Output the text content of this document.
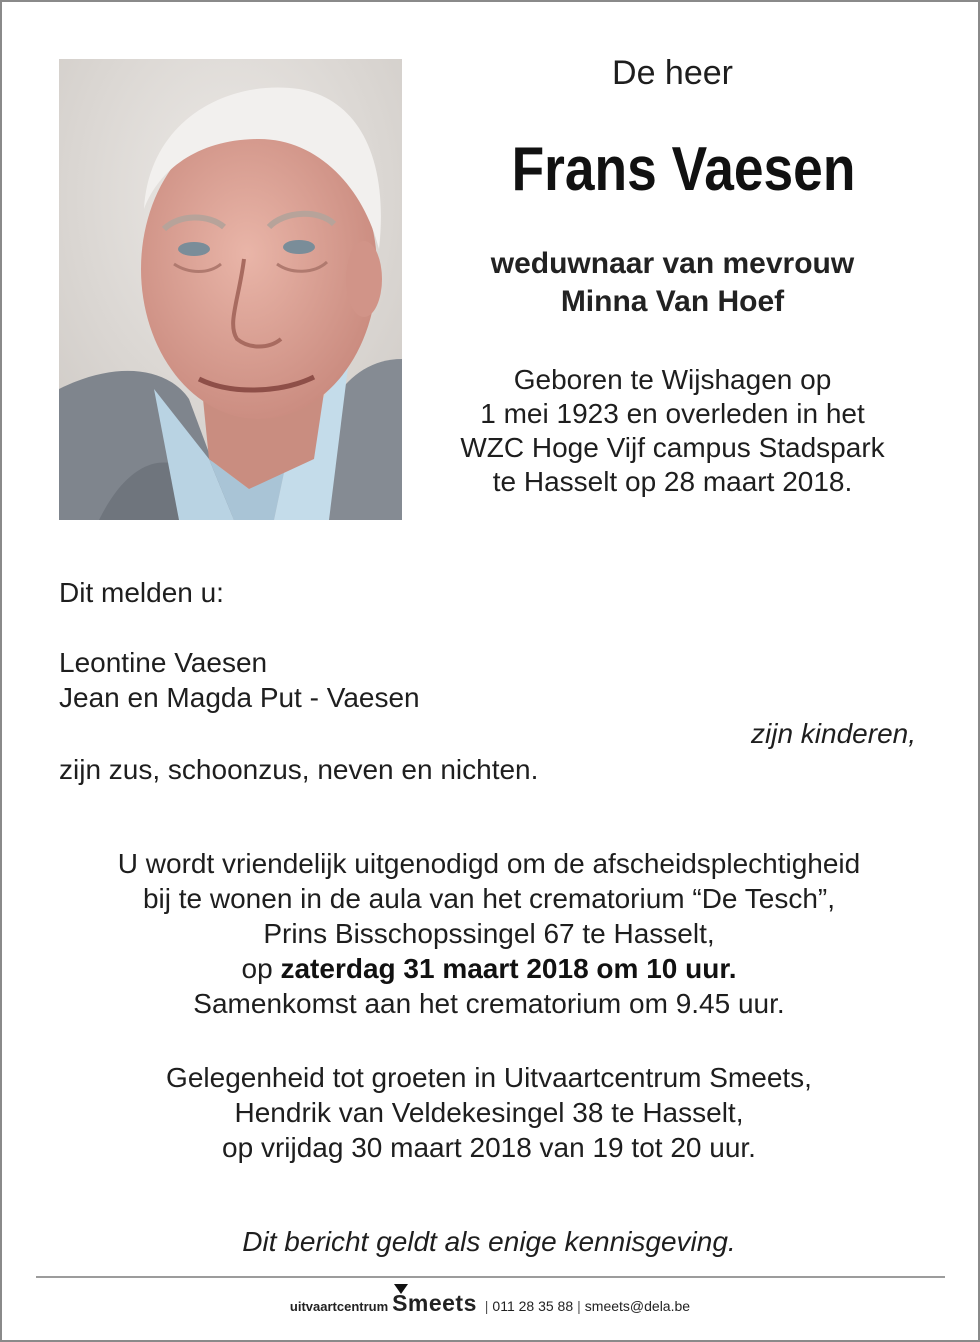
De heer
Frans Vaesen
weduwnaar van mevrouw
Minna Van Hoef
Geboren te Wijshagen op
1 mei 1923 en overleden in het
WZC Hoge Vijf campus Stadspark
te Hasselt op 28 maart 2018.
Dit melden u:
Leontine Vaesen
Jean en Magda Put - Vaesen
zijn kinderen,
zijn zus, schoonzus, neven en nichten.
U wordt vriendelijk uitgenodigd om de afscheidsplechtigheid
bij te wonen in de aula van het crematorium “De Tesch”,
Prins Bisschopssingel 67 te Hasselt,
op zaterdag 31 maart 2018 om 10 uur.
Samenkomst aan het crematorium om 9.45 uur.
Gelegenheid tot groeten in Uitvaartcentrum Smeets,
Hendrik van Veldekesingel 38 te Hasselt,
op vrijdag 30 maart 2018 van 19 tot 20 uur.
Dit bericht geldt als enige kennisgeving.
uitvaartcentrum Smeets | 011 28 35 88 | smeets@dela.be
